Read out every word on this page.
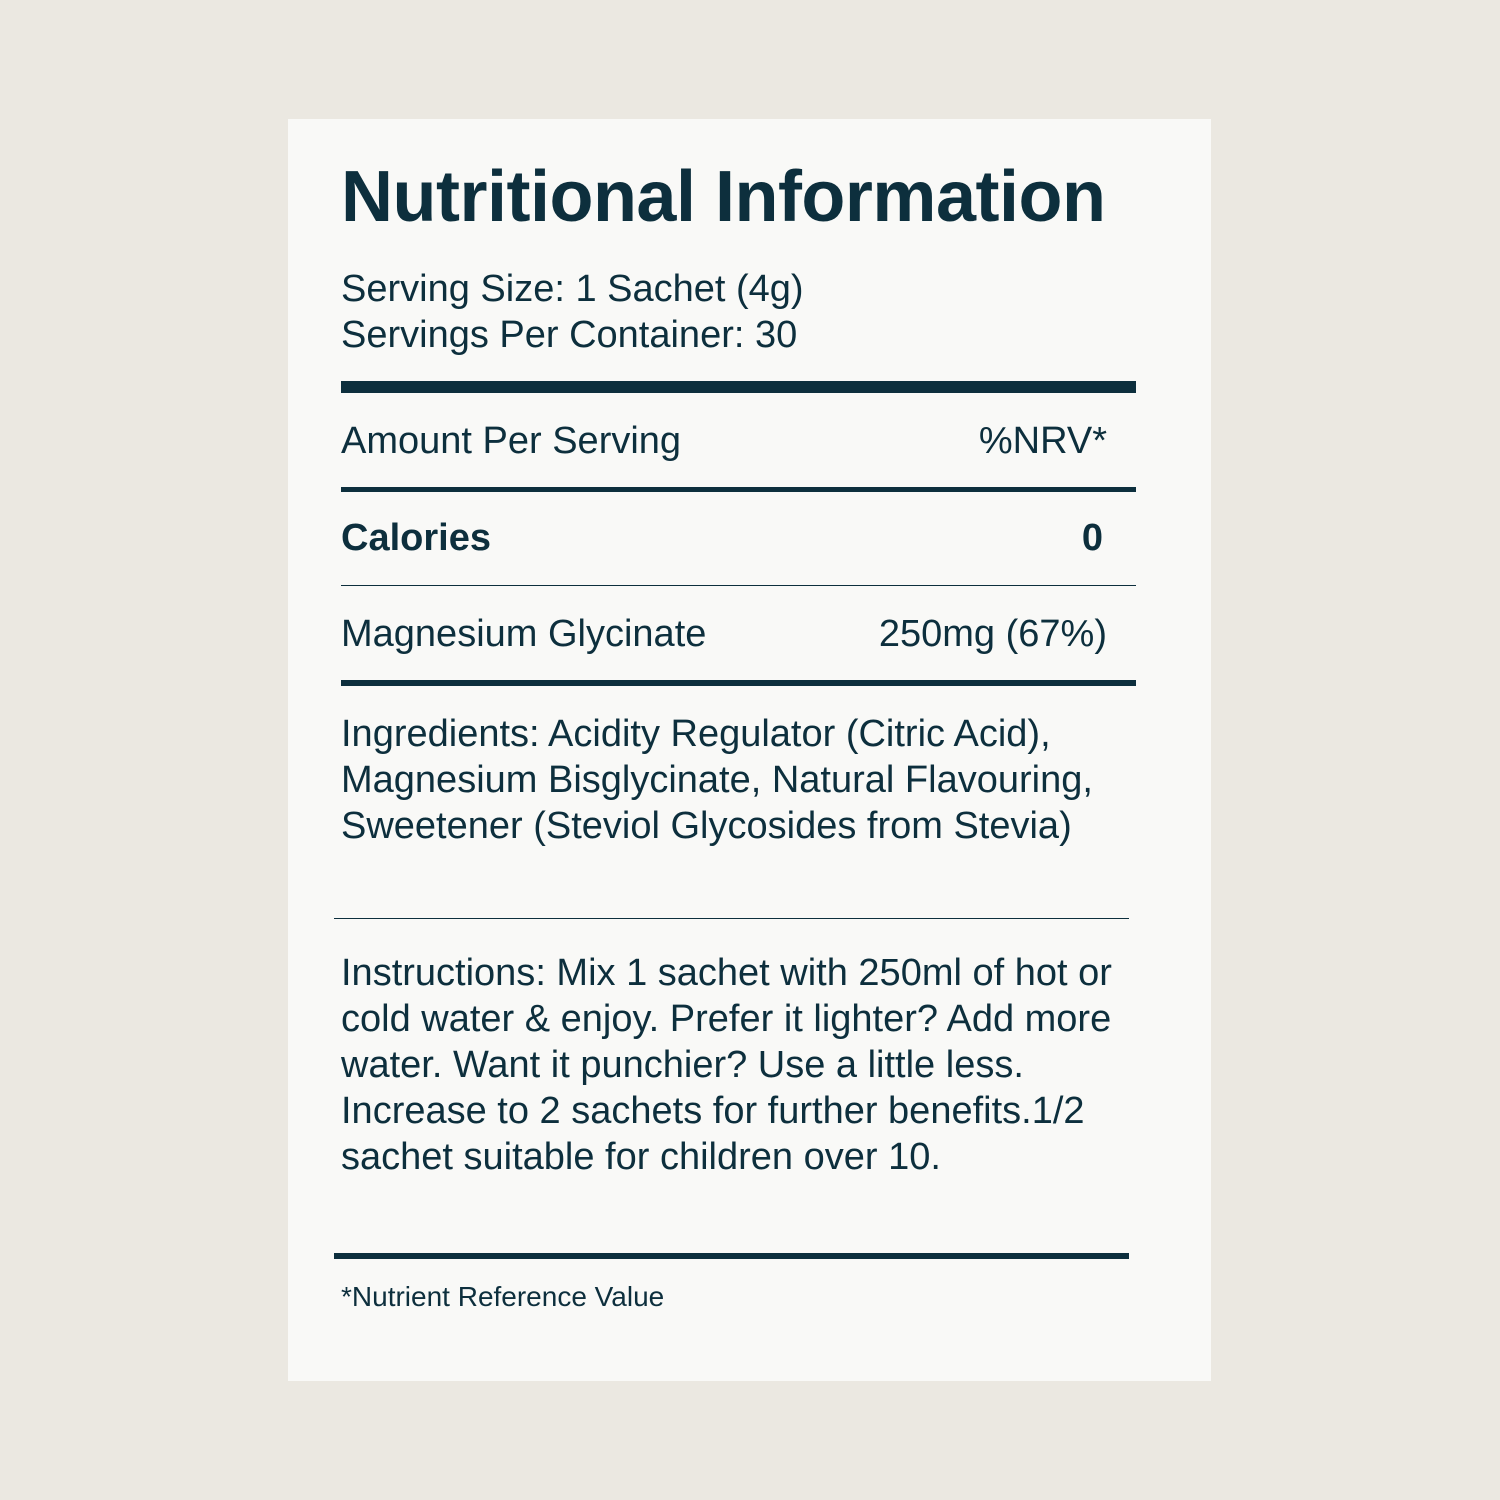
Nutritional Information
Serving Size: 1 Sachet (4g)
Servings Per Container: 30
Amount Per Serving	%NRV*
Calories	0
Magnesium Glycinate	250mg (67%)

Ingredients: Acidity Regulator (Citric Acid), Magnesium Bisglycinate, Natural Flavouring, Sweetener (Steviol Glycosides from Stevia)

Instructions: Mix 1 sachet with 250ml of hot or cold water & enjoy. Prefer it lighter? Add more water. Want it punchier? Use a little less. Increase to 2 sachets for further benefits.1/2 sachet suitable for children over 10.

*Nutrient Reference Value
